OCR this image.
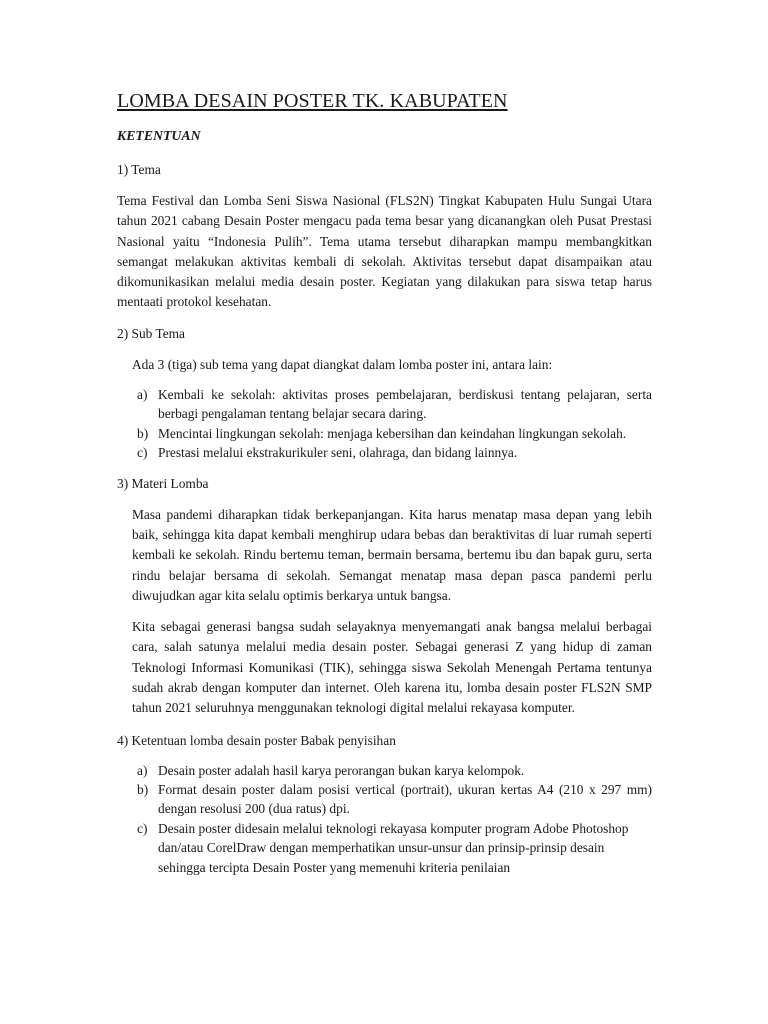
LOMBA DESAIN POSTER TK. KABUPATEN
KETENTUAN

1) Tema

Tema Festival dan Lomba Seni Siswa Nasional (FLS2N) Tingkat Kabupaten Hulu Sungai Utara tahun 2021 cabang Desain Poster mengacu pada tema besar yang dicanangkan oleh Pusat Prestasi Nasional yaitu “Indonesia Pulih”. Tema utama tersebut diharapkan mampu membangkitkan semangat melakukan aktivitas kembali di sekolah. Aktivitas tersebut dapat disampaikan atau dikomunikasikan melalui media desain poster. Kegiatan yang dilakukan para siswa tetap harus mentaati protokol kesehatan.

2) Sub Tema

Ada 3 (tiga) sub tema yang dapat diangkat dalam lomba poster ini, antara lain:

a) Kembali ke sekolah: aktivitas proses pembelajaran, berdiskusi tentang pelajaran, serta berbagi pengalaman tentang belajar secara daring.
b) Mencintai lingkungan sekolah: menjaga kebersihan dan keindahan lingkungan sekolah.
c) Prestasi melalui ekstrakurikuler seni, olahraga, dan bidang lainnya.

3) Materi Lomba

Masa pandemi diharapkan tidak berkepanjangan. Kita harus menatap masa depan yang lebih baik, sehingga kita dapat kembali menghirup udara bebas dan beraktivitas di luar rumah seperti kembali ke sekolah. Rindu bertemu teman, bermain bersama, bertemu ibu dan bapak guru, serta rindu belajar bersama di sekolah. Semangat menatap masa depan pasca pandemi perlu diwujudkan agar kita selalu optimis berkarya untuk bangsa.

Kita sebagai generasi bangsa sudah selayaknya menyemangati anak bangsa melalui berbagai cara, salah satunya melalui media desain poster. Sebagai generasi Z yang hidup di zaman Teknologi Informasi Komunikasi (TIK), sehingga siswa Sekolah Menengah Pertama tentunya sudah akrab dengan komputer dan internet. Oleh karena itu, lomba desain poster FLS2N SMP tahun 2021 seluruhnya menggunakan teknologi digital melalui rekayasa komputer.

4) Ketentuan lomba desain poster Babak penyisihan

a) Desain poster adalah hasil karya perorangan bukan karya kelompok.
b) Format desain poster dalam posisi vertical (portrait), ukuran kertas A4 (210 x 297 mm) dengan resolusi 200 (dua ratus) dpi.
c) Desain poster didesain melalui teknologi rekayasa komputer program Adobe Photoshop dan/atau CorelDraw dengan memperhatikan unsur-unsur dan prinsip-prinsip desain sehingga tercipta Desain Poster yang memenuhi kriteria penilaian
